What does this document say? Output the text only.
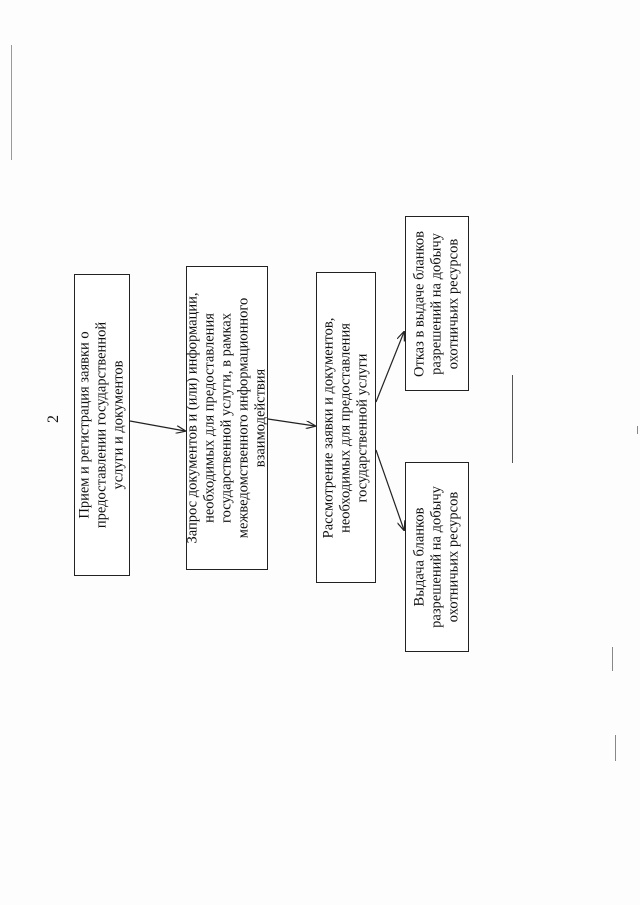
2 Прием и регистрация заявки о предоставлении государственной услуги и документов	Запрос документов и (или) информации, необходимых для предоставления государственной услуги, в рамках межведомственного информационного взаимодействия	Рассмотрение заявки и документов, необходимых для предоставления государственной услуги
Отказ в выдаче бланков разрешений на добычу охотничьих ресурсов
Выдача бланков разрешений на добычу охотничьих ресурсов
